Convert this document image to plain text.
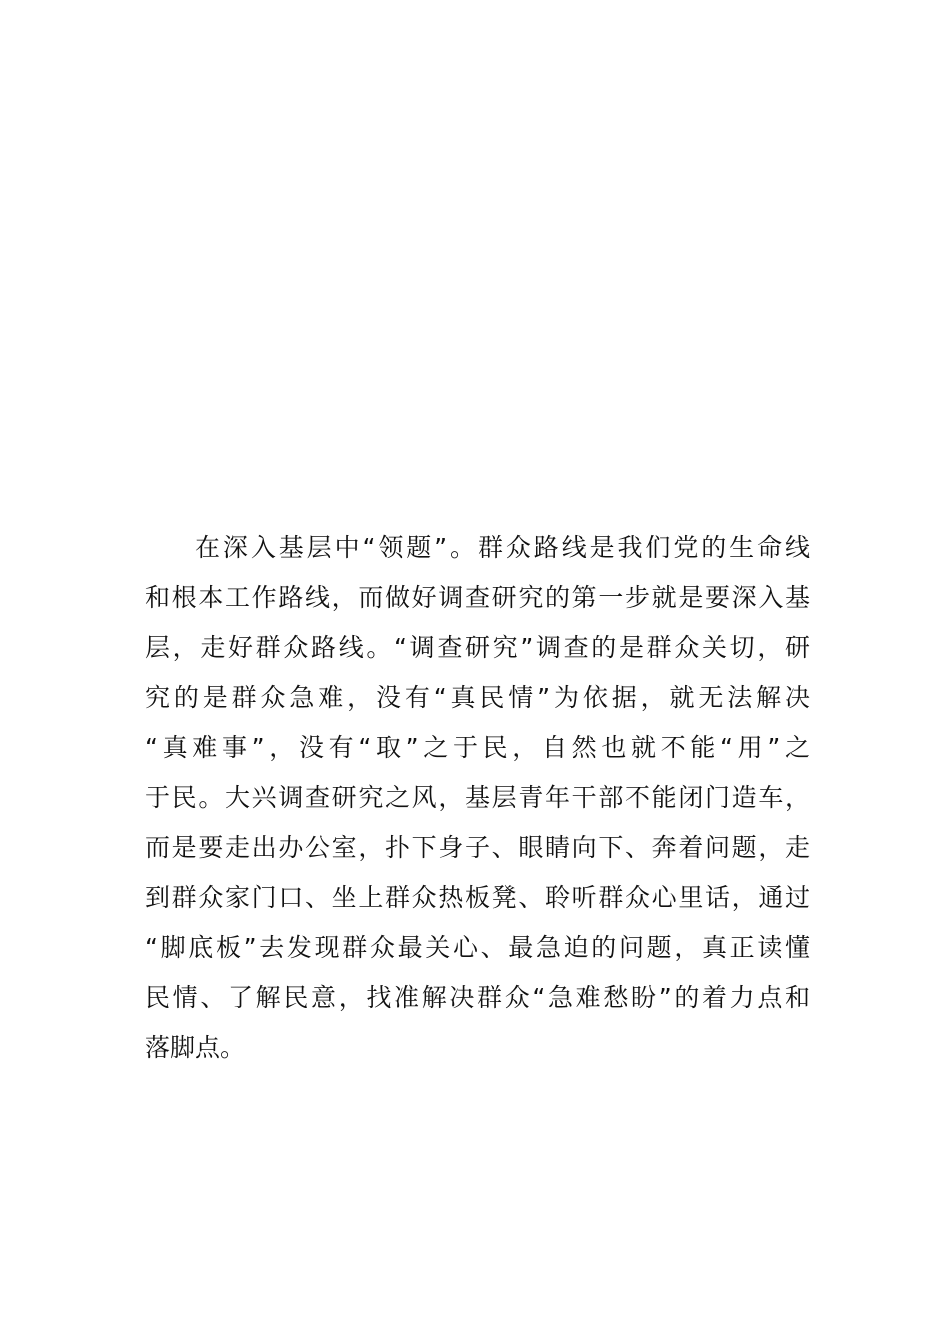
在深入基层中“领题”。群众路线是我们党的生命线
和根本工作路线，而做好调查研究的第一步就是要深入基
层，走好群众路线。“调查研究”调查的是群众关切，研
究的是群众急难，没有“真民情”为依据，就无法解决
“真难事”，没有“取”之于民，自然也就不能“用”之
于民。大兴调查研究之风，基层青年干部不能闭门造车，
而是要走出办公室，扑下身子、眼睛向下、奔着问题，走
到群众家门口、坐上群众热板凳、聆听群众心里话，通过
“脚底板”去发现群众最关心、最急迫的问题，真正读懂
民情、了解民意，找准解决群众“急难愁盼”的着力点和
落脚点。
